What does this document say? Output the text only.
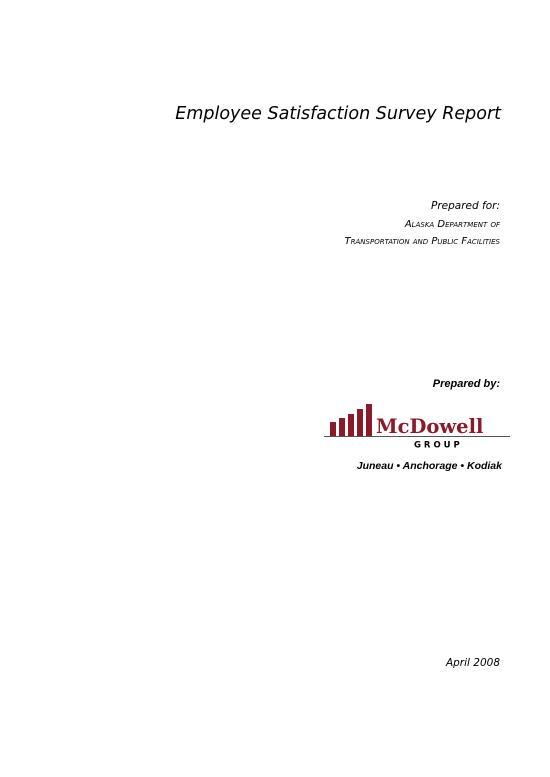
Employee Satisfaction Survey Report
Prepared for:
Alaska Department of
Transportation and Public Facilities
Prepared by:
McDowell
G R O U P
Juneau • Anchorage • Kodiak
April 2008
